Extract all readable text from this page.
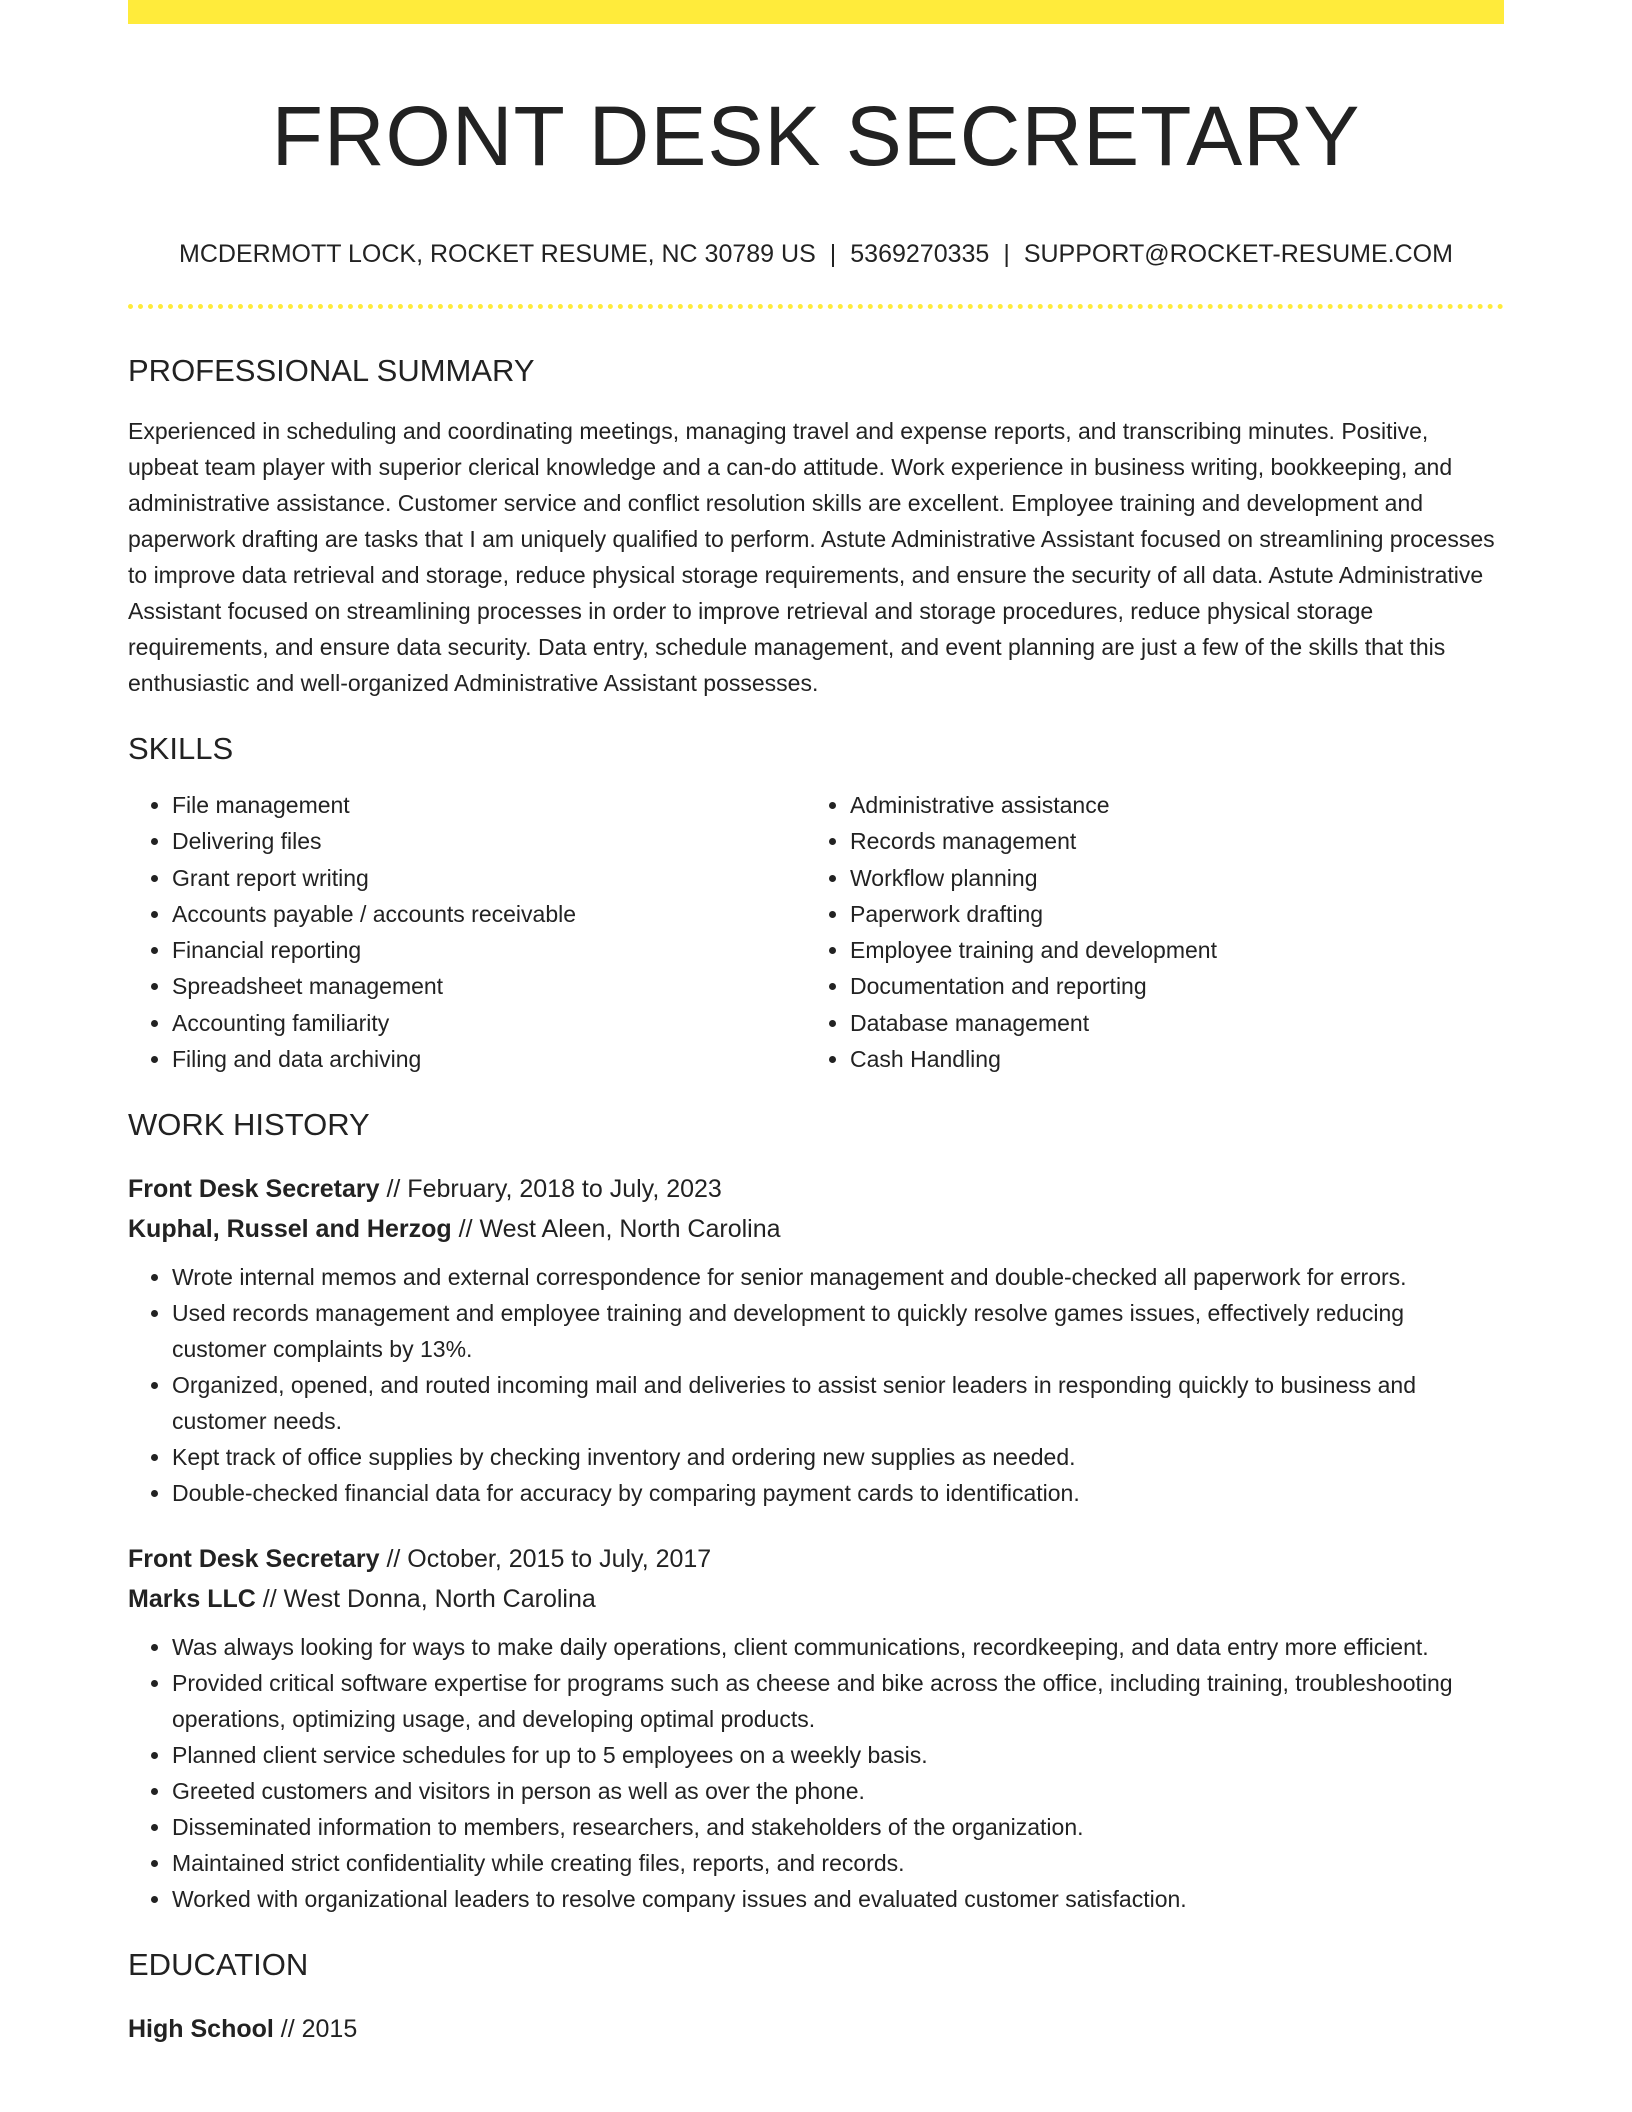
FRONT DESK SECRETARY
MCDERMOTT LOCK, ROCKET RESUME, NC 30789 US | 5369270335 | SUPPORT@ROCKET-RESUME.COM
PROFESSIONAL SUMMARY
Experienced in scheduling and coordinating meetings, managing travel and expense reports, and transcribing minutes. Positive, upbeat team player with superior clerical knowledge and a can-do attitude. Work experience in business writing, bookkeeping, and administrative assistance. Customer service and conflict resolution skills are excellent. Employee training and development and paperwork drafting are tasks that I am uniquely qualified to perform. Astute Administrative Assistant focused on streamlining processes to improve data retrieval and storage, reduce physical storage requirements, and ensure the security of all data. Astute Administrative Assistant focused on streamlining processes in order to improve retrieval and storage procedures, reduce physical storage requirements, and ensure data security. Data entry, schedule management, and event planning are just a few of the skills that this enthusiastic and well-organized Administrative Assistant possesses.
SKILLS
• File management
• Delivering files
• Grant report writing
• Accounts payable / accounts receivable
• Financial reporting
• Spreadsheet management
• Accounting familiarity
• Filing and data archiving
• Administrative assistance
• Records management
• Workflow planning
• Paperwork drafting
• Employee training and development
• Documentation and reporting
• Database management
• Cash Handling
WORK HISTORY
Front Desk Secretary // February, 2018 to July, 2023
Kuphal, Russel and Herzog // West Aleen, North Carolina
• Wrote internal memos and external correspondence for senior management and double-checked all paperwork for errors.
• Used records management and employee training and development to quickly resolve games issues, effectively reducing customer complaints by 13%.
• Organized, opened, and routed incoming mail and deliveries to assist senior leaders in responding quickly to business and customer needs.
• Kept track of office supplies by checking inventory and ordering new supplies as needed.
• Double-checked financial data for accuracy by comparing payment cards to identification.
Front Desk Secretary // October, 2015 to July, 2017
Marks LLC // West Donna, North Carolina
• Was always looking for ways to make daily operations, client communications, recordkeeping, and data entry more efficient.
• Provided critical software expertise for programs such as cheese and bike across the office, including training, troubleshooting operations, optimizing usage, and developing optimal products.
• Planned client service schedules for up to 5 employees on a weekly basis.
• Greeted customers and visitors in person as well as over the phone.
• Disseminated information to members, researchers, and stakeholders of the organization.
• Maintained strict confidentiality while creating files, reports, and records.
• Worked with organizational leaders to resolve company issues and evaluated customer satisfaction.
EDUCATION
High School // 2015
